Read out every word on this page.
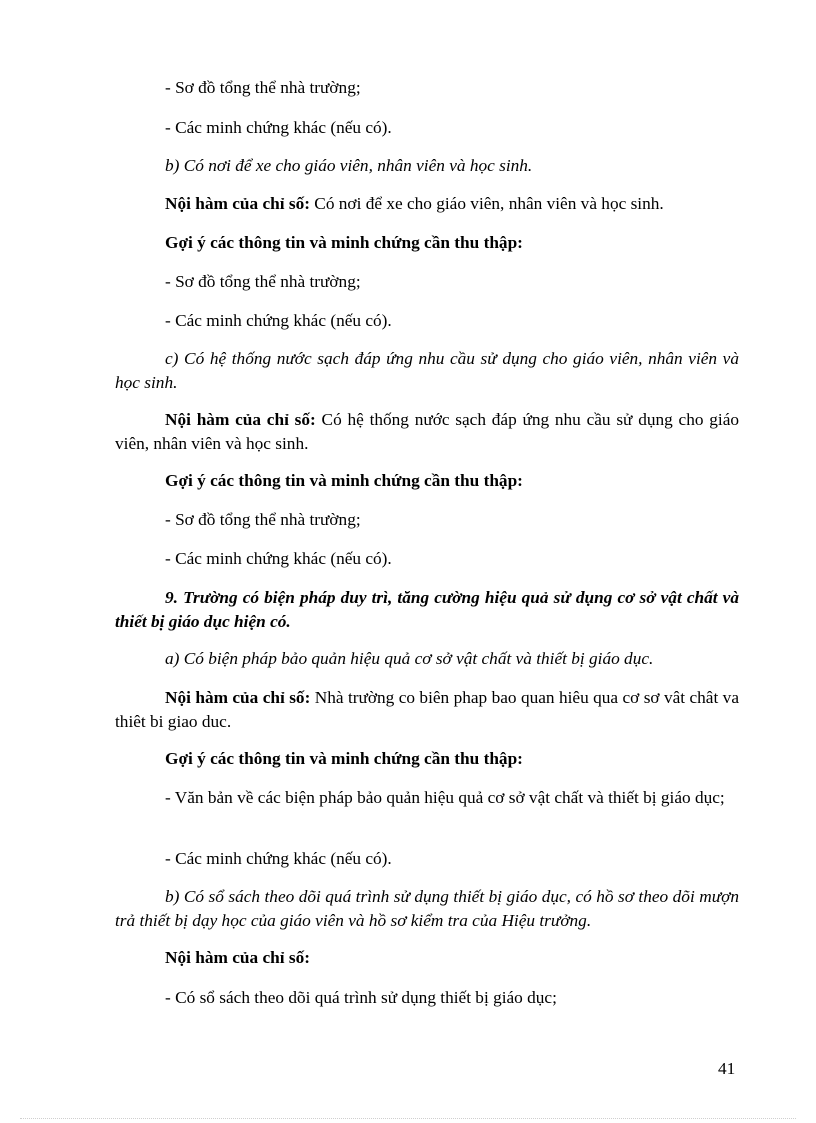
- Sơ đồ tổng thể nhà trường;

- Các minh chứng khác (nếu có).

b) Có nơi để xe cho giáo viên, nhân viên và học sinh.

Nội hàm của chỉ số: Có nơi để xe cho giáo viên, nhân viên và học sinh.

Gợi ý các thông tin và minh chứng cần thu thập:

- Sơ đồ tổng thể nhà trường;

- Các minh chứng khác (nếu có).

c) Có hệ thống nước sạch đáp ứng nhu cầu sử dụng cho giáo viên, nhân viên và học sinh.

Nội hàm của chỉ số: Có hệ thống nước sạch đáp ứng nhu cầu sử dụng cho giáo viên, nhân viên và học sinh.

Gợi ý các thông tin và minh chứng cần thu thập:

- Sơ đồ tổng thể nhà trường;

- Các minh chứng khác (nếu có).

9. Trường có biện pháp duy trì, tăng cường hiệu quả sử dụng cơ sở vật chất và thiết bị giáo dục hiện có.

a) Có biện pháp bảo quản hiệu quả cơ sở vật chất và thiết bị giáo dục.

Nội hàm của chỉ số: Nhà trường co biên phap bao quan hiêu qua cơ sơ vât chât va thiêt bi giao duc.

Gợi ý các thông tin và minh chứng cần thu thập:

- Văn bản về các biện pháp bảo quản hiệu quả cơ sở vật chất và thiết bị giáo dục;

- Các minh chứng khác (nếu có).

b) Có sổ sách theo dõi quá trình sử dụng thiết bị giáo dục, có hồ sơ theo dõi mượn trả thiết bị dạy học của giáo viên và hồ sơ kiểm tra của Hiệu trưởng.

Nội hàm của chỉ số:

- Có sổ sách theo dõi quá trình sử dụng thiết bị giáo dục;

41
